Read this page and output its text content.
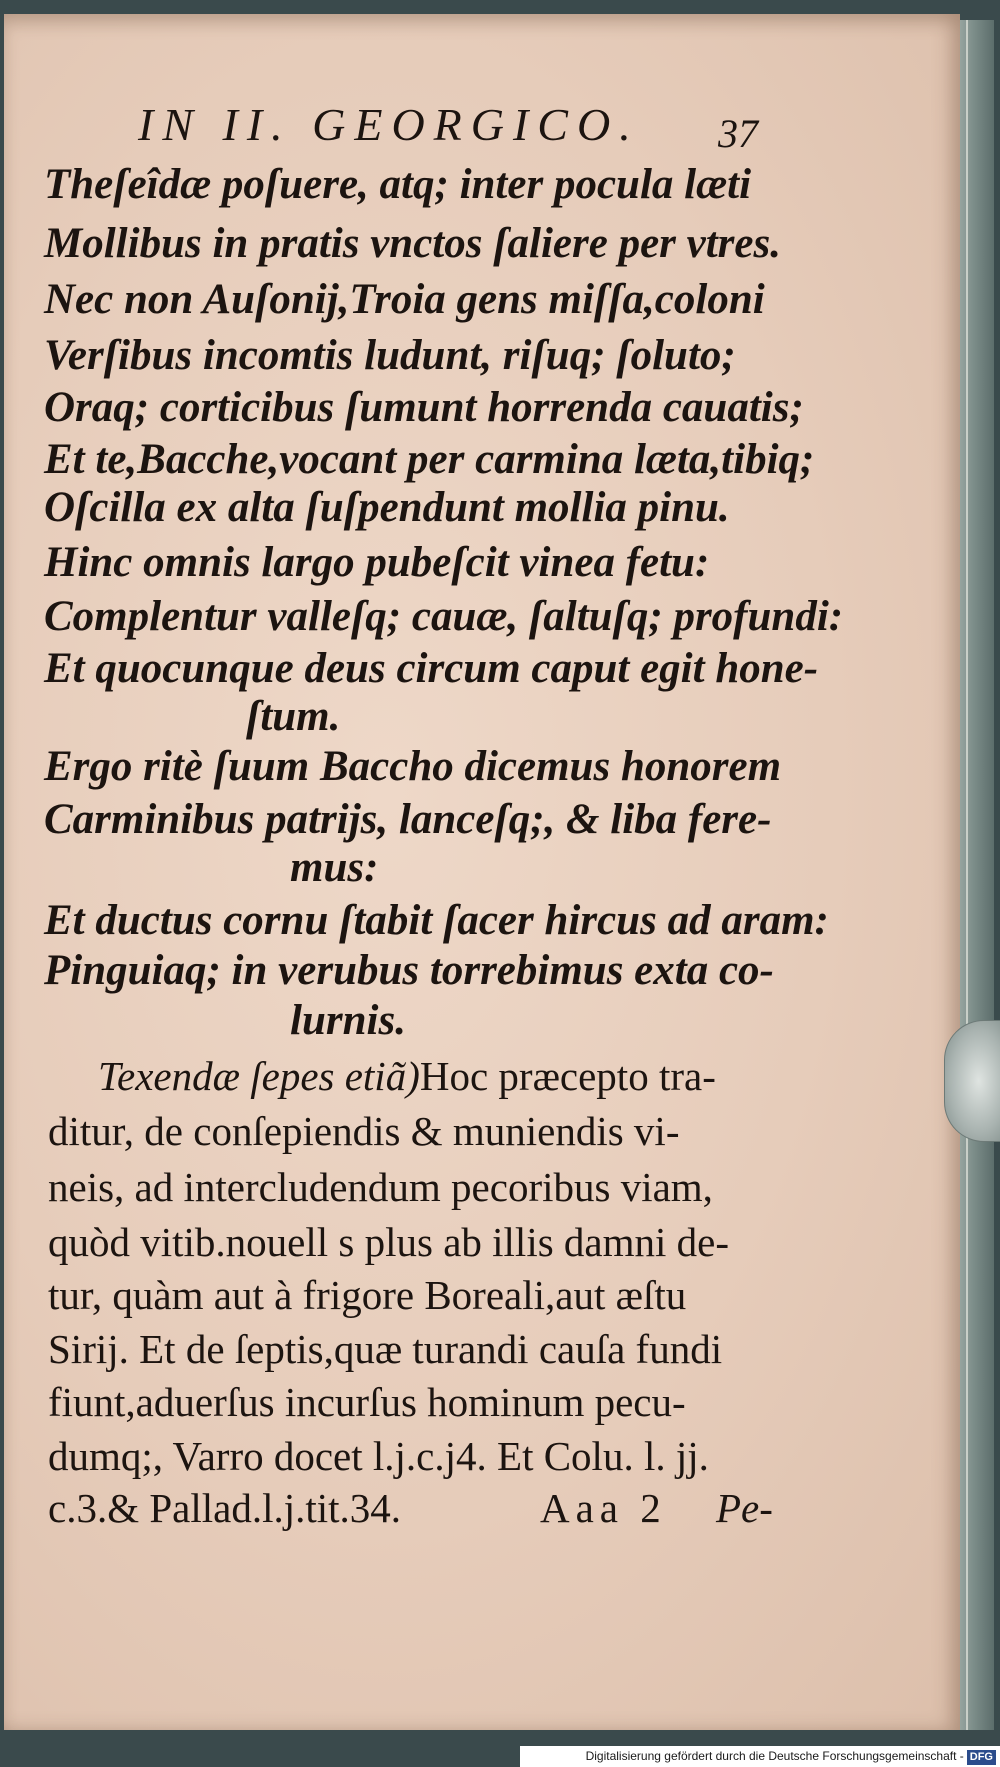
IN II. GEORGICO. 37
Theſeîdæ poſuere, atq; inter pocula læti
Mollibus in pratis vnctos ſaliere per vtres.
Nec non Auſonij,Troia gens miſſa,coloni
Verſibus incomtis ludunt, riſuq; ſoluto;
Oraq; corticibus ſumunt horrenda cauatis;
Et te,Bacche,vocant per carmina læta,tibiq;
Oſcilla ex alta ſuſpendunt mollia pinu.
Hinc omnis largo pubeſcit vinea fetu:
Complentur valleſq; cauæ, ſaltuſq; profundi:
Et quocunque deus circum caput egit hone-
ſtum.
Ergo ritè ſuum Baccho dicemus honorem
Carminibus patrijs, lanceſq;, & liba fere-
mus:
Et ductus cornu ſtabit ſacer hircus ad aram:
Pinguiaq; in verubus torrebimus exta co-
lurnis.
Texendæ ſepes etiã)Hoc præcepto tra-
ditur, de conſepiendis & muniendis vi-
neis, ad intercludendum pecoribus viam,
quòd vitib.nouell s plus ab illis damni de-
tur, quàm aut à frigore Boreali,aut æſtu
Sirij. Et de ſeptis,quæ turandi cauſa fundi
fiunt,aduerſus incurſus hominum pecu-
dumq;, Varro docet l.j.c.j4. Et Colu. l. jj.
c.3.& Pallad.l.j.tit.34.	Aaa 2 Pe-
Digitalisierung gefördert durch die Deutsche Forschungsgemeinschaft - DFG
